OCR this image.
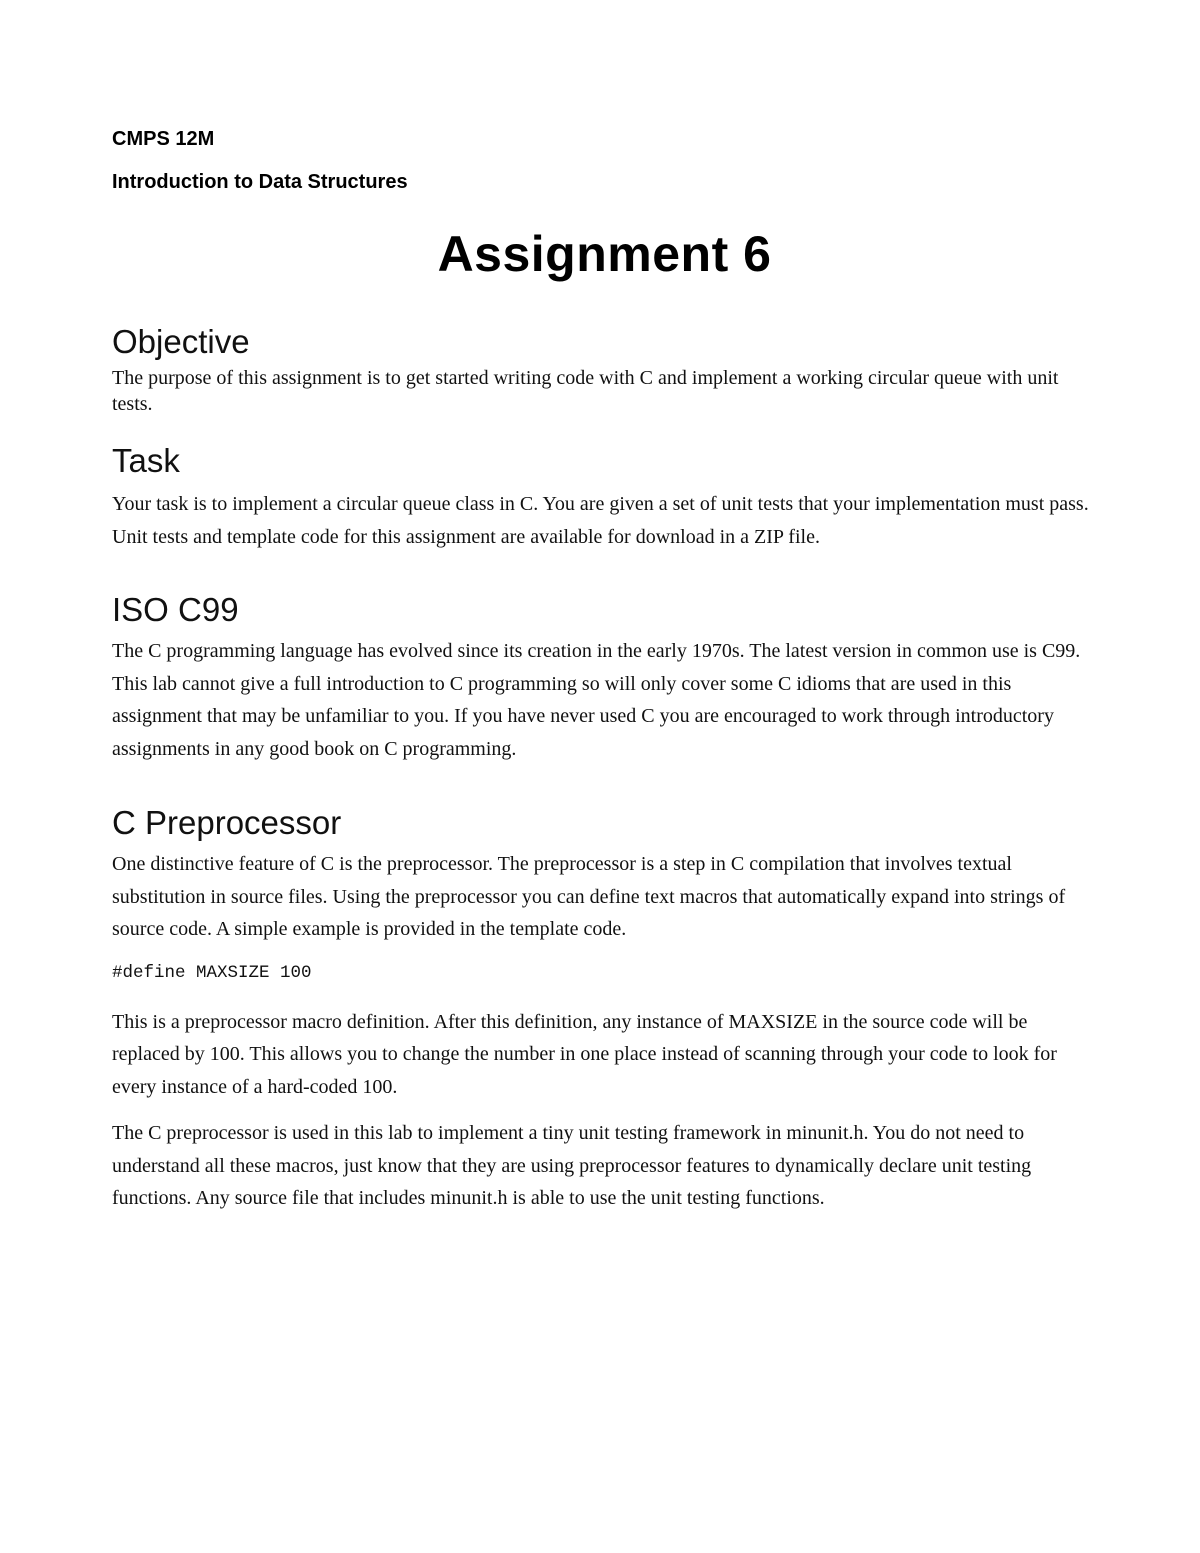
CMPS 12M
Introduction to Data Structures
Assignment 6
Objective

The purpose of this assignment is to get started writing code with C and implement a working circular queue with unit tests.

Task

Your task is to implement a circular queue class in C. You are given a set of unit tests that your implementation must pass. Unit tests and template code for this assignment are available for download in a ZIP file.

ISO C99

The C programming language has evolved since its creation in the early 1970s. The latest version in common use is C99. This lab cannot give a full introduction to C programming so will only cover some C idioms that are used in this assignment that may be unfamiliar to you. If you have never used C you are encouraged to work through introductory assignments in any good book on C programming.

C Preprocessor

One distinctive feature of C is the preprocessor. The preprocessor is a step in C compilation that involves textual substitution in source files. Using the preprocessor you can define text macros that automatically expand into strings of source code. A simple example is provided in the template code.

#define MAXSIZE 100

This is a preprocessor macro definition. After this definition, any instance of MAXSIZE in the source code will be replaced by 100. This allows you to change the number in one place instead of scanning through your code to look for every instance of a hard-coded 100.

The C preprocessor is used in this lab to implement a tiny unit testing framework in minunit.h. You do not need to understand all these macros, just know that they are using preprocessor features to dynamically declare unit testing functions. Any source file that includes minunit.h is able to use the unit testing functions.
